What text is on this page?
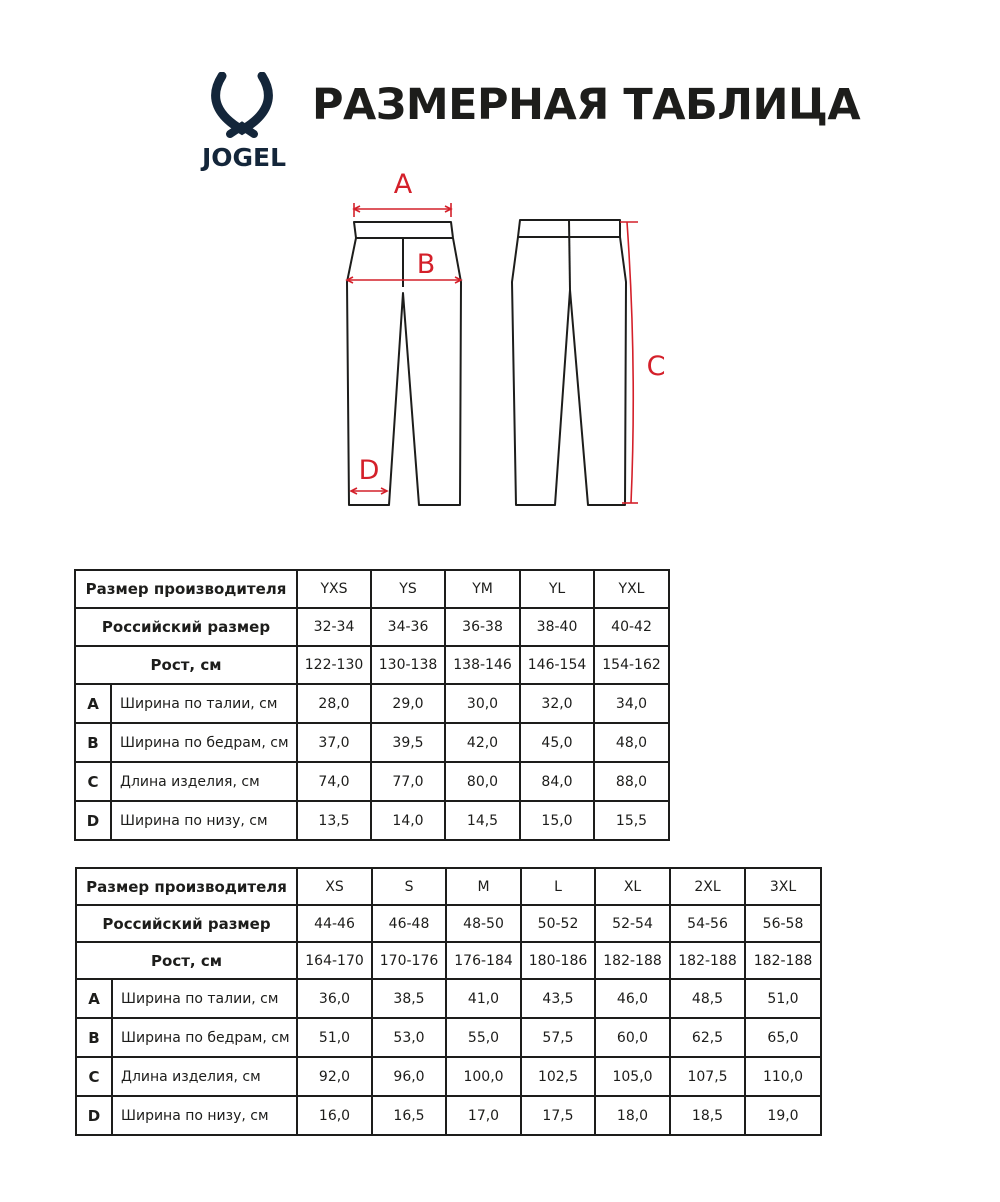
JOGEL
РАЗМЕРНАЯ ТАБЛИЦА
A
B
C
D
Размер производителя		YXS	YS	YM	YL	YXL
Российский размер		32-34	34-36	36-38	38-40	40-42
Рост, см		122-130	130-138	138-146	146-154	154-162
A	Ширина по талии, см	28,0	29,0	30,0	32,0	34,0
B	Ширина по бедрам, см	37,0	39,5	42,0	45,0	48,0
C	Длина изделия, см	74,0	77,0	80,0	84,0	88,0
D	Ширина по низу, см	13,5	14,0	14,5	15,0	15,5
Размер производителя		XS	S	M	L	XL	2XL	3XL
Российский размер		44-46	46-48	48-50	50-52	52-54	54-56	56-58
Рост, см		164-170	170-176	176-184	180-186	182-188	182-188	182-188
A	Ширина по талии, см	36,0	38,5	41,0	43,5	46,0	48,5	51,0
B	Ширина по бедрам, см	51,0	53,0	55,0	57,5	60,0	62,5	65,0
C	Длина изделия, см	92,0	96,0	100,0	102,5	105,0	107,5	110,0
D	Ширина по низу, см	16,0	16,5	17,0	17,5	18,0	18,5	19,0
